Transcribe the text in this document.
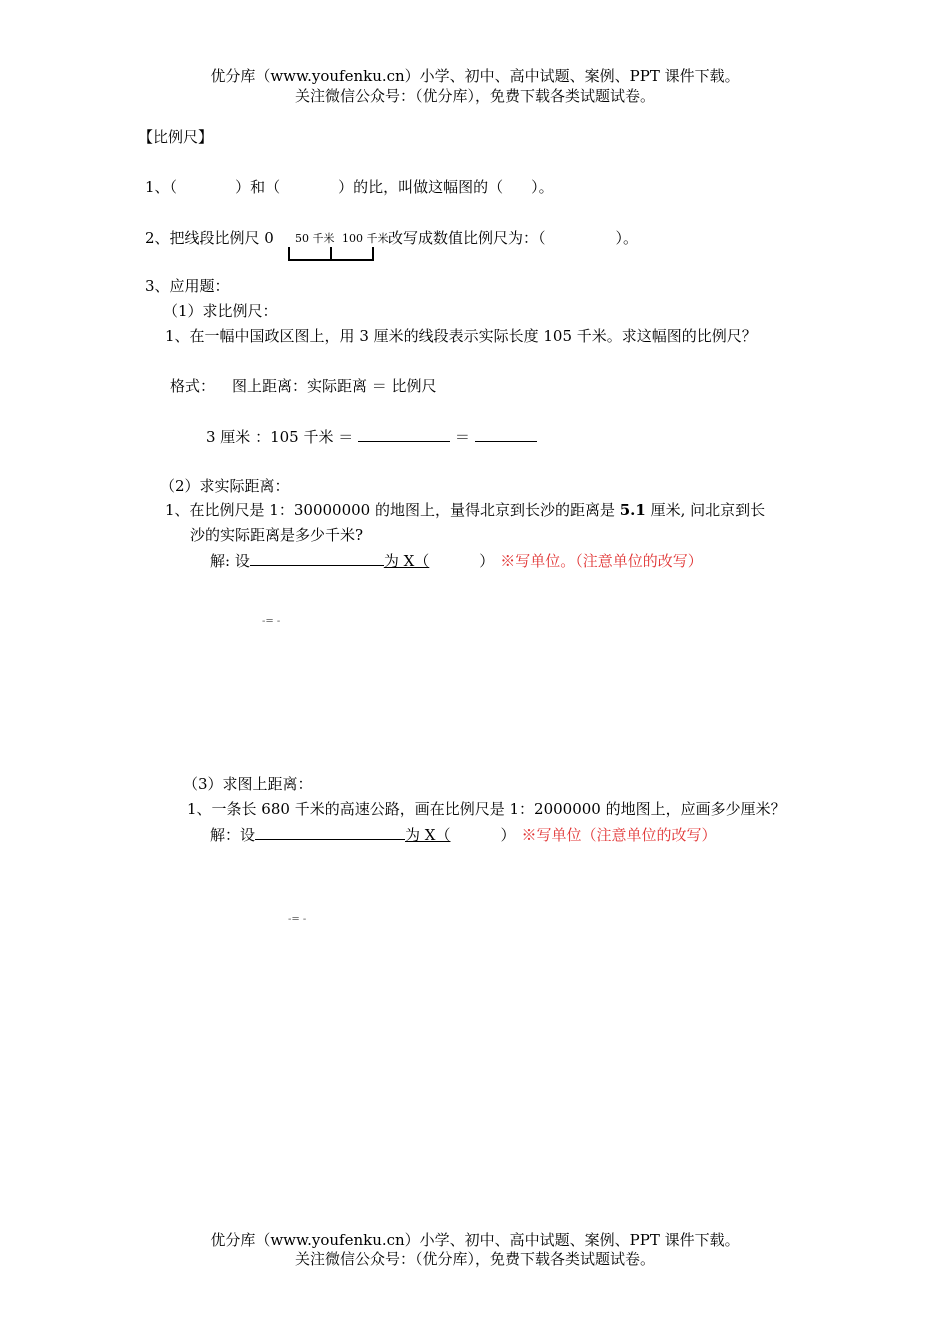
优分库（www.youfenku.cn）小学、初中、高中试题、案例、PPT 课件下载。
关注微信公众号：（优分库），免费下载各类试题试卷。
【比例尺】
1、（	）和（	）的比，叫做这幅图的（ ）。
2、把线段比例尺 0 50 千米 100 千米 改写成数值比例尺为：（	）。
3、应用题：
（1）求比例尺：
1、在一幅中国政区图上，用 3 厘米的线段表示实际长度 105 千米。求这幅图的比例尺？
格式： 图上距离：实际距离 ＝ 比例尺
3 厘米 ：105 千米 ＝	＝
（2）求实际距离：
1、在比例尺是 1：30000000 的地图上，量得北京到长沙的距离是 5.1 厘米, 问北京到长
沙的实际距离是多少千米?
解: 设	为 X（	） ※写单位。（注意单位的改写）
-= -
（3）求图上距离：
1、一条长 680 千米的高速公路，画在比例尺是 1：2000000 的地图上，应画多少厘米？
解：设	为 X（	） ※写单位（注意单位的改写）
-= -
优分库（www.youfenku.cn）小学、初中、高中试题、案例、PPT 课件下载。
关注微信公众号：（优分库），免费下载各类试题试卷。
